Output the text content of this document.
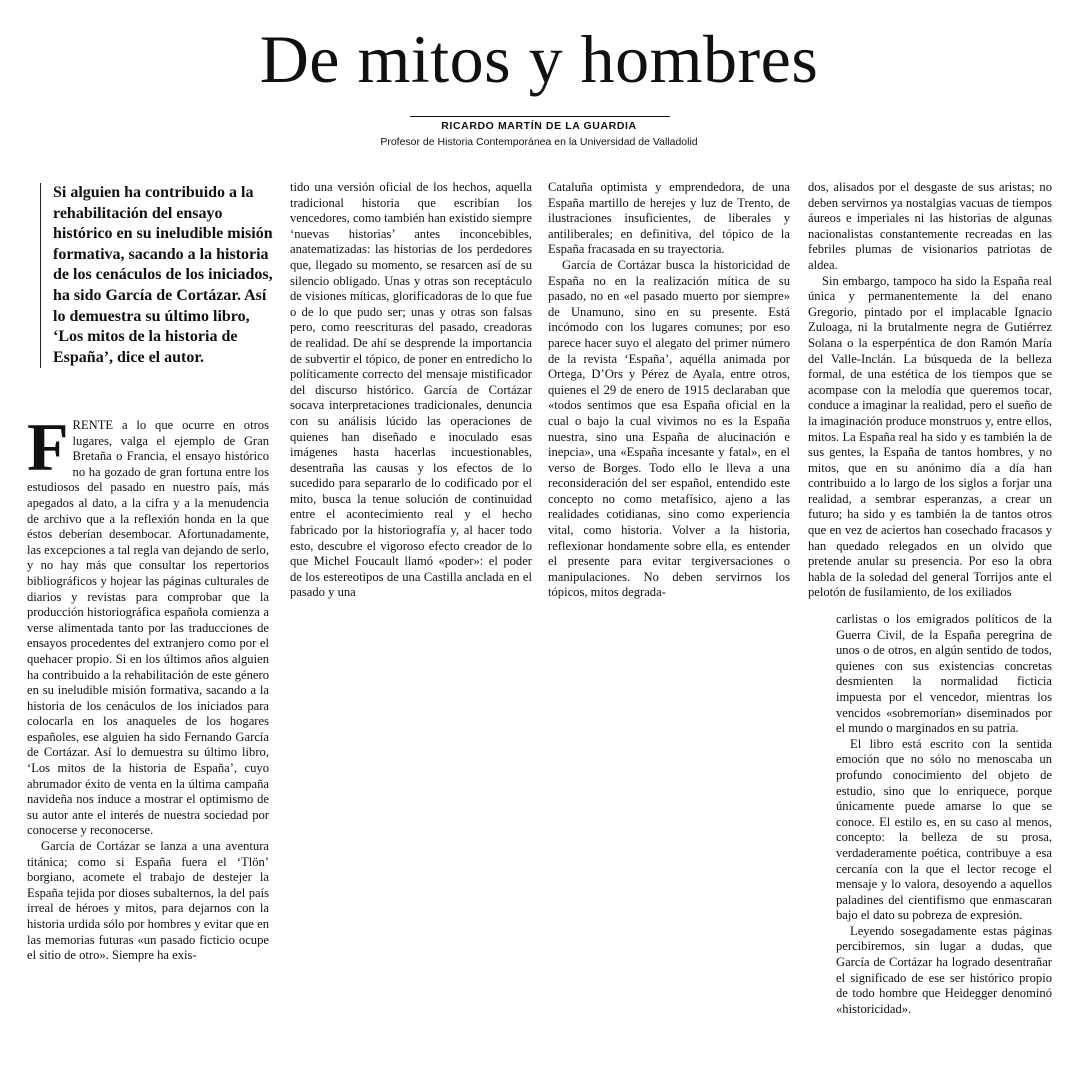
De mitos y hombres

RICARDO MARTÍN DE LA GUARDIA

Profesor de Historia Contemporánea en la Universidad de Valladolid

Si alguien ha contribuido a la rehabilitación del ensayo histórico en su ineludible misión formativa, sacando a la historia de los cenáculos de los iniciados, ha sido García de Cortázar. Así lo demuestra su último libro, ‘Los mitos de la historia de España’, dice el autor.

FRENTE a lo que ocurre en otros lugares, valga el ejemplo de Gran Bretaña o Francia, el ensayo histórico no ha gozado de gran fortuna entre los estudiosos del pasado en nuestro país, más apegados al dato, a la cifra y a la menudencia de archivo que a la reflexión honda en la que éstos deberían desembocar. Afortunadamente, las excepciones a tal regla van dejando de serlo, y no hay más que consultar los repertorios bibliográficos y hojear las páginas culturales de diarios y revistas para comprobar que la producción historiográfica española comienza a verse alimentada tanto por las traducciones de ensayos procedentes del extranjero como por el quehacer propio. Si en los últimos años alguien ha contribuido a la rehabilitación de este género en su ineludible misión formativa, sacando a la historia de los cenáculos de los iniciados para colocarla en los anaqueles de los hogares españoles, ese alguien ha sido Fernando García de Cortázar. Así lo demuestra su último libro, ‘Los mitos de la historia de España’, cuyo abrumador éxito de venta en la última campaña navideña nos induce a mostrar el optimismo de su autor ante el interés de nuestra sociedad por conocerse y reconocerse.

García de Cortázar se lanza a una aventura titánica; como si España fuera el ‘Tlön’ borgiano, acomete el trabajo de destejer la España tejida por dioses subalternos, la del país irreal de héroes y mitos, para dejarnos con la historia urdida sólo por hombres y evitar que en las memorias futuras «un pasado ficticio ocupe el sitio de otro». Siempre ha exis-

tido una versión oficial de los hechos, aquella tradicional historia que escribían los vencedores, como también han existido siempre ‘nuevas historias’ antes inconcebibles, anatematizadas: las historias de los perdedores que, llegado su momento, se resarcen así de su silencio obligado. Unas y otras son receptáculo de visiones míticas, glorificadoras de lo que fue o de lo que pudo ser; unas y otras son falsas pero, como reescrituras del pasado, creadoras de realidad. De ahí se desprende la importancia de subvertir el tópico, de poner en entredicho lo políticamente correcto del mensaje mistificador del discurso histórico. García de Cortázar socava interpretaciones tradicionales, denuncia con su análisis lúcido las operaciones de quienes han diseñado e inoculado esas imágenes hasta hacerlas incuestionables, desentraña las causas y los efectos de lo sucedido para separarlo de lo codificado por el mito, busca la tenue solución de continuidad entre el acontecimiento real y el hecho fabricado por la historiografía y, al hacer todo esto, descubre el vigoroso efecto creador de lo que Michel Foucault llamó «poder»: el poder de los estereotipos de una Castilla anclada en el pasado y una

Cataluña optimista y emprendedora, de una España martillo de herejes y luz de Trento, de ilustraciones insuficientes, de liberales y antiliberales; en definitiva, del tópico de la España fracasada en su trayectoria.

García de Cortázar busca la historicidad de España no en la realización mítica de su pasado, no en «el pasado muerto por siempre» de Unamuno, sino en su presente. Está incómodo con los lugares comunes; por eso parece hacer suyo el alegato del primer número de la revista ‘España’, aquélla animada por Ortega, D’Ors y Pérez de Ayala, entre otros, quienes el 29 de enero de 1915 declaraban que «todos sentimos que esa España oficial en la cual o bajo la cual vivimos no es la España nuestra, sino una España de alucinación e inepcia», una «España incesante y fatal», en el verso de Borges. Todo ello le lleva a una reconsideración del ser español, entendido este concepto no como metafísico, ajeno a las realidades cotidianas, sino como experiencia vital, como historia. Volver a la historia, reflexionar hondamente sobre ella, es entender el presente para evitar tergiversaciones o manipulaciones. No deben servirnos los tópicos, mitos degrada-

dos, alisados por el desgaste de sus aristas; no deben servirnos ya nostalgias vacuas de tiempos áureos e imperiales ni las historias de algunas nacionalistas constantemente recreadas en las febriles plumas de visionarios patriotas de aldea.

Sin embargo, tampoco ha sido la España real única y permanentemente la del enano Gregorio, pintado por el implacable Ignacio Zuloaga, ni la brutalmente negra de Gutiérrez Solana o la esperpéntica de don Ramón María del Valle-Inclán. La búsqueda de la belleza formal, de una estética de los tiempos que se acompase con la melodía que queremos tocar, conduce a imaginar la realidad, pero el sueño de la imaginación produce monstruos y, entre ellos, mitos. La España real ha sido y es también la de sus gentes, la España de tantos hombres, y no mitos, que en su anónimo día a día han contribuido a lo largo de los siglos a forjar una realidad, a sembrar esperanzas, a crear un futuro; ha sido y es también la de tantos otros que en vez de aciertos han cosechado fracasos y han quedado relegados en un olvido que pretende anular su presencia. Por eso la obra habla de la soledad del general Torrijos ante el pelotón de fusilamiento, de los exiliados

carlistas o los emigrados políticos de la Guerra Civil, de la España peregrina de unos o de otros, en algún sentido de todos, quienes con sus existencias concretas desmienten la normalidad ficticia impuesta por el vencedor, mientras los vencidos «sobremorían» diseminados por el mundo o marginados en su patria.

El libro está escrito con la sentida emoción que no sólo no menoscaba un profundo conocimiento del objeto de estudio, sino que lo enriquece, porque únicamente puede amarse lo que se conoce. El estilo es, en su caso al menos, concepto: la belleza de su prosa, verdaderamente poética, contribuye a esa cercanía con la que el lector recoge el mensaje y lo valora, desoyendo a aquellos paladines del cientifismo que enmascaran bajo el dato su pobreza de expresión.

Leyendo sosegadamente estas páginas percibiremos, sin lugar a dudas, que García de Cortázar ha logrado desentrañar el significado de ese ser histórico propio de todo hombre que Heidegger denominó «historicidad».
